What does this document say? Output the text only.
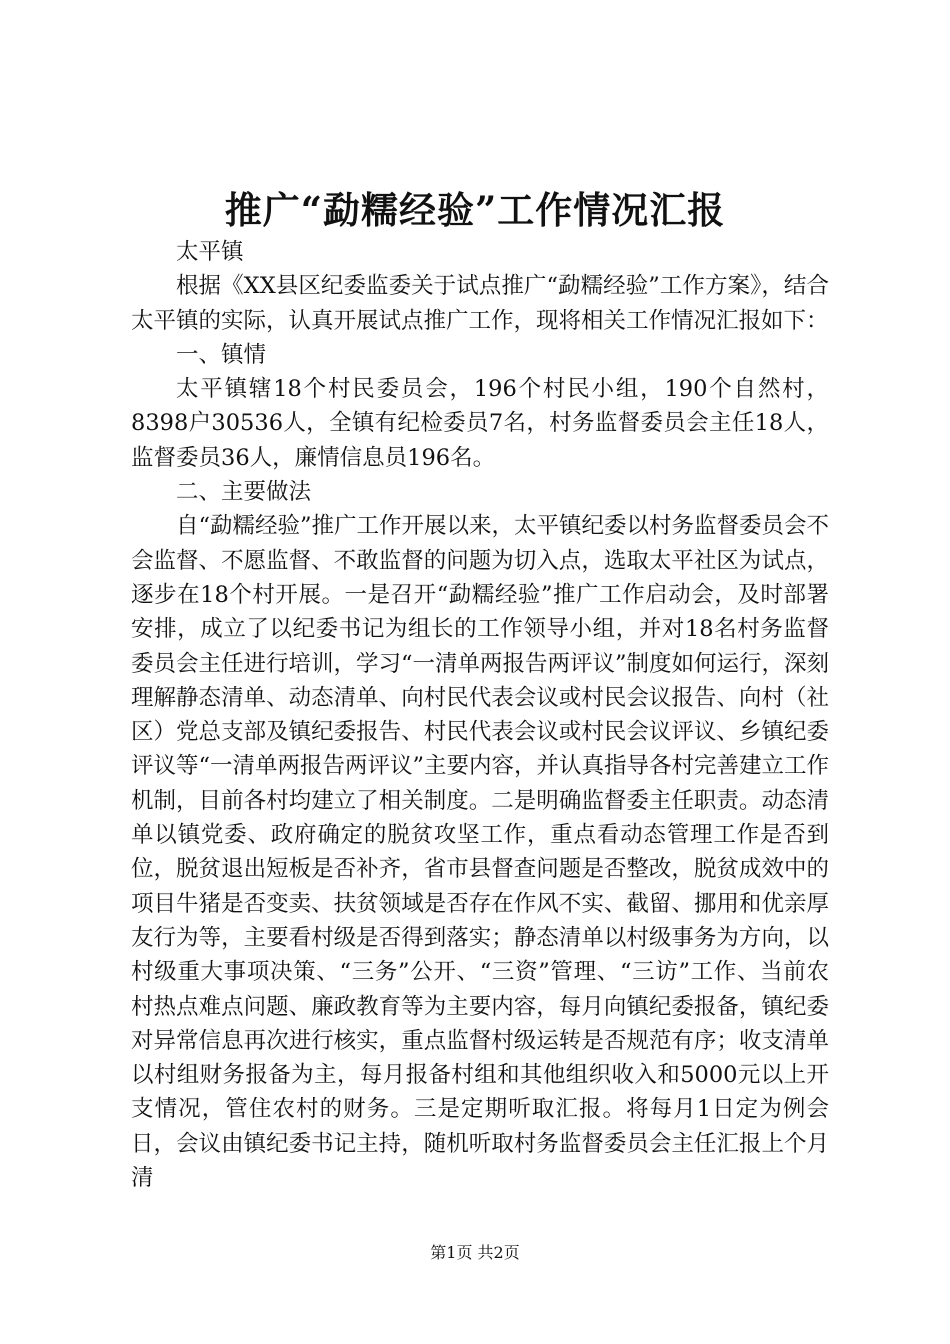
推广“勐糯经验”工作情况汇报

太平镇

根据《XX县区纪委监委关于试点推广“勐糯经验”工作方案》，结合太平镇的实际，认真开展试点推广工作，现将相关工作情况汇报如下：

一、镇情

太平镇辖18个村民委员会，196个村民小组，190个自然村，8398户30536人，全镇有纪检委员7名，村务监督委员会主任18人，监督委员36人，廉情信息员196名。

二、主要做法

自“勐糯经验”推广工作开展以来，太平镇纪委以村务监督委员会不会监督、不愿监督、不敢监督的问题为切入点，选取太平社区为试点，逐步在18个村开展。一是召开“勐糯经验”推广工作启动会，及时部署安排，成立了以纪委书记为组长的工作领导小组，并对18名村务监督委员会主任进行培训，学习“一清单两报告两评议”制度如何运行，深刻理解静态清单、动态清单、向村民代表会议或村民会议报告、向村（社区）党总支部及镇纪委报告、村民代表会议或村民会议评议、乡镇纪委评议等“一清单两报告两评议”主要内容，并认真指导各村完善建立工作机制，目前各村均建立了相关制度。二是明确监督委主任职责。动态清单以镇党委、政府确定的脱贫攻坚工作，重点看动态管理工作是否到位，脱贫退出短板是否补齐，省市县督查问题是否整改，脱贫成效中的项目牛猪是否变卖、扶贫领域是否存在作风不实、截留、挪用和优亲厚友行为等，主要看村级是否得到落实；静态清单以村级事务为方向，以村级重大事项决策、“三务”公开、“三资”管理、“三访”工作、当前农村热点难点问题、廉政教育等为主要内容，每月向镇纪委报备，镇纪委对异常信息再次进行核实，重点监督村级运转是否规范有序；收支清单以村组财务报备为主，每月报备村组和其他组织收入和5000元以上开支情况，管住农村的财务。三是定期听取汇报。将每月1日定为例会日，会议由镇纪委书记主持，随机听取村务监督委员会主任汇报上个月清

第1页 共2页
